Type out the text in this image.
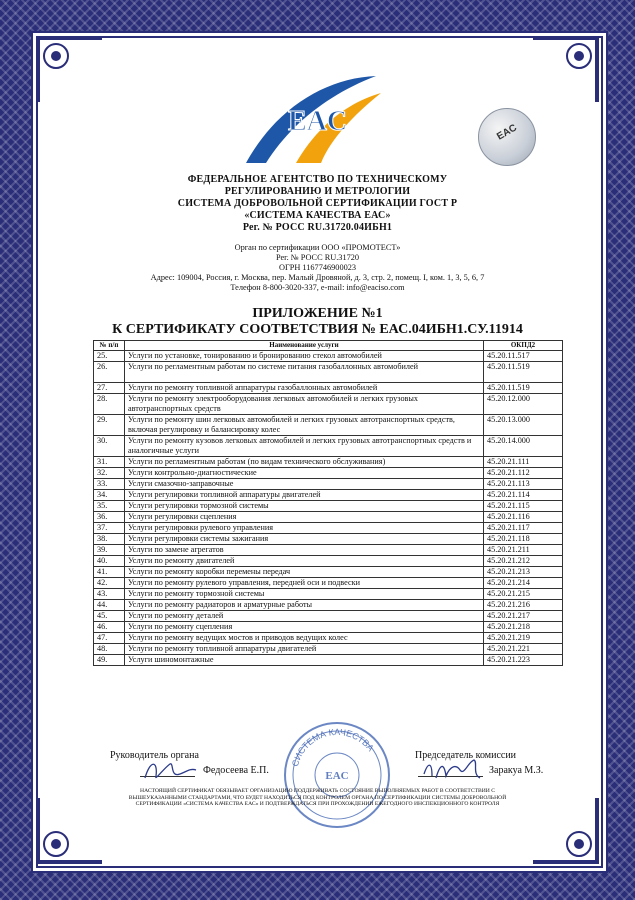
EAC	EAC
ФЕДЕРАЛЬНОЕ АГЕНТСТВО ПО ТЕХНИЧЕСКОМУ
РЕГУЛИРОВАНИЮ И МЕТРОЛОГИИ
СИСТЕМА ДОБРОВОЛЬНОЙ СЕРТИФИКАЦИИ ГОСТ Р
«СИСТЕМА КАЧЕСТВА ЕАС»
Рег. № РОСС RU.31720.04ИБН1
Орган по сертификации ООО «ПРОМОТЕСТ»
Рег. № РОСС RU.31720
ОГРН 1167746900023
Адрес: 109004, Россия, г. Москва, пер. Малый Дровяной, д. 3, стр. 2, помещ. I, ком. 1, 3, 5, 6, 7
Телефон 8-800-3020-337, e-mail: info@eaciso.com
ПРИЛОЖЕНИЕ №1
К СЕРТИФИКАТУ СООТВЕТСТВИЯ № ЕАС.04ИБН1.СУ.11914
№ п/п	Наименование услуги	ОКПД2
25.	Услуги по установке, тонированию и бронированию стекол автомобилей	45.20.11.517
26.	Услуги по регламентным работам по системе питания газобаллонных автомобилей	45.20.11.519
27.	Услуги по ремонту топливной аппаратуры газобаллонных автомобилей	45.20.11.519
28.	Услуги по ремонту электрооборудования легковых автомобилей и легких грузовых автотранспортных средств	45.20.12.000
29.	Услуги по ремонту шин легковых автомобилей и легких грузовых автотранспортных средств, включая регулировку и балансировку колес	45.20.13.000
30.	Услуги по ремонту кузовов легковых автомобилей и легких грузовых автотранспортных средств и аналогичные услуги	45.20.14.000
31.	Услуги по регламентным работам (по видам технического обслуживания)	45.20.21.111
32.	Услуги контрольно-диагностические	45.20.21.112
33.	Услуги смазочно-заправочные	45.20.21.113
34.	Услуги регулировки топливной аппаратуры двигателей	45.20.21.114
35.	Услуги регулировки тормозной системы	45.20.21.115
36.	Услуги регулировки сцепления	45.20.21.116
37.	Услуги регулировки рулевого управления	45.20.21.117
38.	Услуги регулировки системы зажигания	45.20.21.118
39.	Услуги по замене агрегатов	45.20.21.211
40.	Услуги по ремонту двигателей	45.20.21.212
41.	Услуги по ремонту коробки перемены передач	45.20.21.213
42.	Услуги по ремонту рулевого управления, передней оси и подвески	45.20.21.214
43.	Услуги по ремонту тормозной системы	45.20.21.215
44.	Услуги по ремонту радиаторов и арматурные работы	45.20.21.216
45.	Услуги по ремонту деталей	45.20.21.217
46.	Услуги по ремонту сцепления	45.20.21.218
47.	Услуги по ремонту ведущих мостов и приводов ведущих колес	45.20.21.219
48.	Услуги по ремонту топливной аппаратуры двигателей	45.20.21.221
49.	Услуги шиномонтажные	45.20.21.223
Руководитель органа
Федосеева Е.П.
Председатель комиссии
Заракуа М.З.
СИСТЕМА КАЧЕСТВА
EAC
НАСТОЯЩИЙ СЕРТИФИКАТ ОБЯЗЫВАЕТ ОРГАНИЗАЦИЮ ПОДДЕРЖИВАТЬ СОСТОЯНИЕ ВЫПОЛНЯЕМЫХ РАБОТ В СООТВЕТСТВИИ С ВЫШЕУКАЗАННЫМИ СТАНДАРТАМИ, ЧТО БУДЕТ НАХОДИТЬСЯ ПОД КОНТРОЛЕМ ОРГАНА ПО СЕРТИФИКАЦИИ СИСТЕМЫ ДОБРОВОЛЬНОЙ СЕРТИФИКАЦИИ «СИСТЕМА КАЧЕСТВА ЕАС» И ПОДТВЕРЖДАТЬСЯ ПРИ ПРОХОЖДЕНИИ ЕЖЕГОДНОГО ИНСПЕКЦИОННОГО КОНТРОЛЯ
